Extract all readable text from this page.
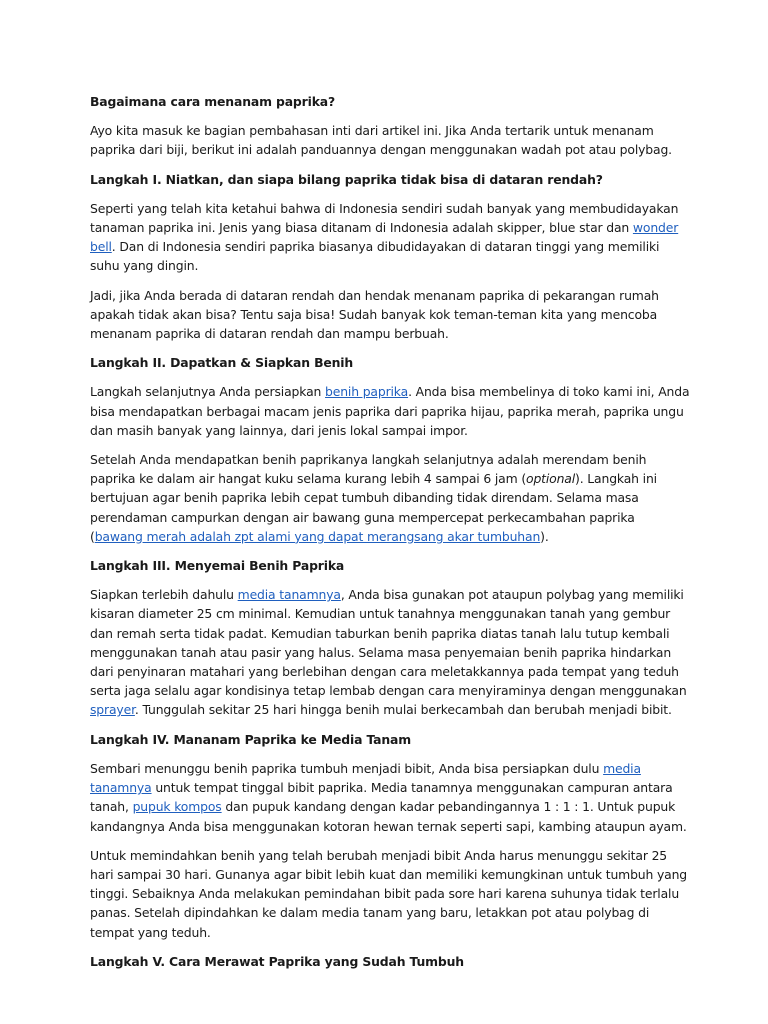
Bagaimana cara menanam paprika?

Ayo kita masuk ke bagian pembahasan inti dari artikel ini. Jika Anda tertarik untuk menanam paprika dari biji, berikut ini adalah panduannya dengan menggunakan wadah pot atau polybag.

Langkah I. Niatkan, dan siapa bilang paprika tidak bisa di dataran rendah?

Seperti yang telah kita ketahui bahwa di Indonesia sendiri sudah banyak yang membudidayakan tanaman paprika ini. Jenis yang biasa ditanam di Indonesia adalah skipper, blue star dan wonder bell. Dan di Indonesia sendiri paprika biasanya dibudidayakan di dataran tinggi yang memiliki suhu yang dingin.

Jadi, jika Anda berada di dataran rendah dan hendak menanam paprika di pekarangan rumah apakah tidak akan bisa? Tentu saja bisa! Sudah banyak kok teman-teman kita yang mencoba menanam paprika di dataran rendah dan mampu berbuah.

Langkah II. Dapatkan & Siapkan Benih

Langkah selanjutnya Anda persiapkan benih paprika. Anda bisa membelinya di toko kami ini, Anda bisa mendapatkan berbagai macam jenis paprika dari paprika hijau, paprika merah, paprika ungu dan masih banyak yang lainnya, dari jenis lokal sampai impor.

Setelah Anda mendapatkan benih paprikanya langkah selanjutnya adalah merendam benih paprika ke dalam air hangat kuku selama kurang lebih 4 sampai 6 jam (optional). Langkah ini bertujuan agar benih paprika lebih cepat tumbuh dibanding tidak direndam. Selama masa perendaman campurkan dengan air bawang guna mempercepat perkecambahan paprika (bawang merah adalah zpt alami yang dapat merangsang akar tumbuhan).

Langkah III. Menyemai Benih Paprika

Siapkan terlebih dahulu media tanamnya, Anda bisa gunakan pot ataupun polybag yang memiliki kisaran diameter 25 cm minimal. Kemudian untuk tanahnya menggunakan tanah yang gembur dan remah serta tidak padat. Kemudian taburkan benih paprika diatas tanah lalu tutup kembali menggunakan tanah atau pasir yang halus. Selama masa penyemaian benih paprika hindarkan dari penyinaran matahari yang berlebihan dengan cara meletakkannya pada tempat yang teduh serta jaga selalu agar kondisinya tetap lembab dengan cara menyiraminya dengan menggunakan sprayer. Tunggulah sekitar 25 hari hingga benih mulai berkecambah dan berubah menjadi bibit.

Langkah IV. Mananam Paprika ke Media Tanam

Sembari menunggu benih paprika tumbuh menjadi bibit, Anda bisa persiapkan dulu media tanamnya untuk tempat tinggal bibit paprika. Media tanamnya menggunakan campuran antara tanah, pupuk kompos dan pupuk kandang dengan kadar pebandingannya 1 : 1 : 1. Untuk pupuk kandangnya Anda bisa menggunakan kotoran hewan ternak seperti sapi, kambing ataupun ayam.

Untuk memindahkan benih yang telah berubah menjadi bibit Anda harus menunggu sekitar 25 hari sampai 30 hari. Gunanya agar bibit lebih kuat dan memiliki kemungkinan untuk tumbuh yang tinggi. Sebaiknya Anda melakukan pemindahan bibit pada sore hari karena suhunya tidak terlalu panas. Setelah dipindahkan ke dalam media tanam yang baru, letakkan pot atau polybag di tempat yang teduh.

Langkah V. Cara Merawat Paprika yang Sudah Tumbuh
